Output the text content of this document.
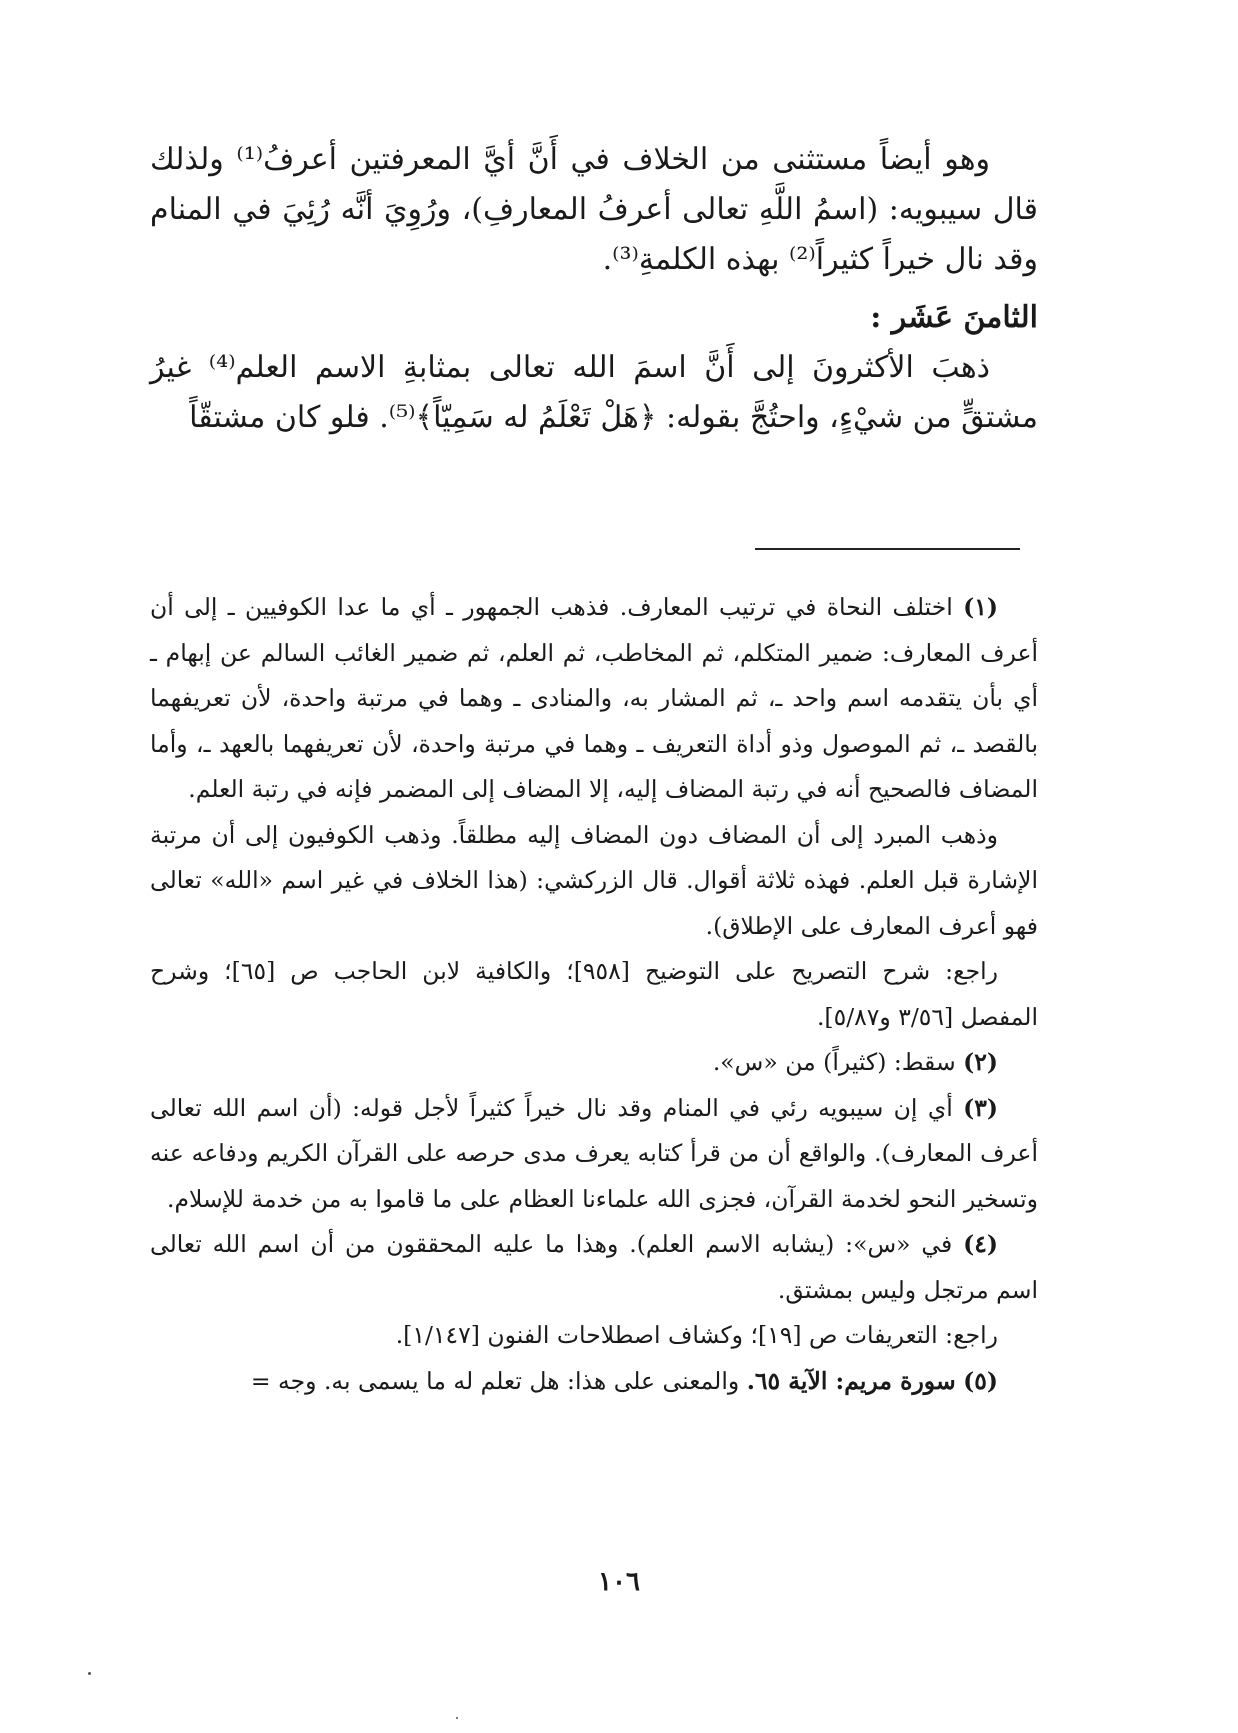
وهو أيضاً مستثنى من الخلاف في أَنَّ أيَّ المعرفتين أعرفُ⁽¹⁾ ولذلك قال سيبويه: (اسمُ اللَّهِ تعالى أعرفُ المعارفِ)، ورُوِيَ أنَّه رُئِيَ في المنام وقد نال خيراً كثيراً⁽²⁾ بهذه الكلمةِ⁽³⁾.

الثامنَ عَشَر :

ذهبَ الأكثرونَ إلى أَنَّ اسمَ الله تعالى بمثابةِ الاسم العلم⁽⁴⁾ غيرُ مشتقٍّ من شيْءٍ، واحتُجَّ بقوله: ﴿هَلْ تَعْلَمُ له سَمِيّاً﴾⁽⁵⁾. فلو كان مشتقّاً

(١) اختلف النحاة في ترتيب المعارف. فذهب الجمهور ـ أي ما عدا الكوفيين ـ إلى أن أعرف المعارف: ضمير المتكلم، ثم المخاطب، ثم العلم، ثم ضمير الغائب السالم عن إبهام ـ أي بأن يتقدمه اسم واحد ـ، ثم المشار به، والمنادى ـ وهما في مرتبة واحدة، لأن تعريفهما بالقصد ـ، ثم الموصول وذو أداة التعريف ـ وهما في مرتبة واحدة، لأن تعريفهما بالعهد ـ، وأما المضاف فالصحيح أنه في رتبة المضاف إليه، إلا المضاف إلى المضمر فإنه في رتبة العلم.

وذهب المبرد إلى أن المضاف دون المضاف إليه مطلقاً. وذهب الكوفيون إلى أن مرتبة الإشارة قبل العلم. فهذه ثلاثة أقوال. قال الزركشي: (هذا الخلاف في غير اسم «الله» تعالى فهو أعرف المعارف على الإطلاق).

راجع: شرح التصريح على التوضيح [٩٥٨]؛ والكافية لابن الحاجب ص [٦٥]؛ وشرح المفصل [٣/٥٦ و٥/٨٧].

(٢) سقط: (كثيراً) من «س».

(٣) أي إن سيبويه رئي في المنام وقد نال خيراً كثيراً لأجل قوله: (أن اسم الله تعالى أعرف المعارف). والواقع أن من قرأ كتابه يعرف مدى حرصه على القرآن الكريم ودفاعه عنه وتسخير النحو لخدمة القرآن، فجزى الله علماءنا العظام على ما قاموا به من خدمة للإسلام.

(٤) في «س»: (يشابه الاسم العلم). وهذا ما عليه المحققون من أن اسم الله تعالى اسم مرتجل وليس بمشتق.

راجع: التعريفات ص [١٩]؛ وكشاف اصطلاحات الفنون [١/١٤٧].

(٥) سورة مريم: الآية ٦٥. والمعنى على هذا: هل تعلم له ما يسمى به. وجه =

١٠٦
